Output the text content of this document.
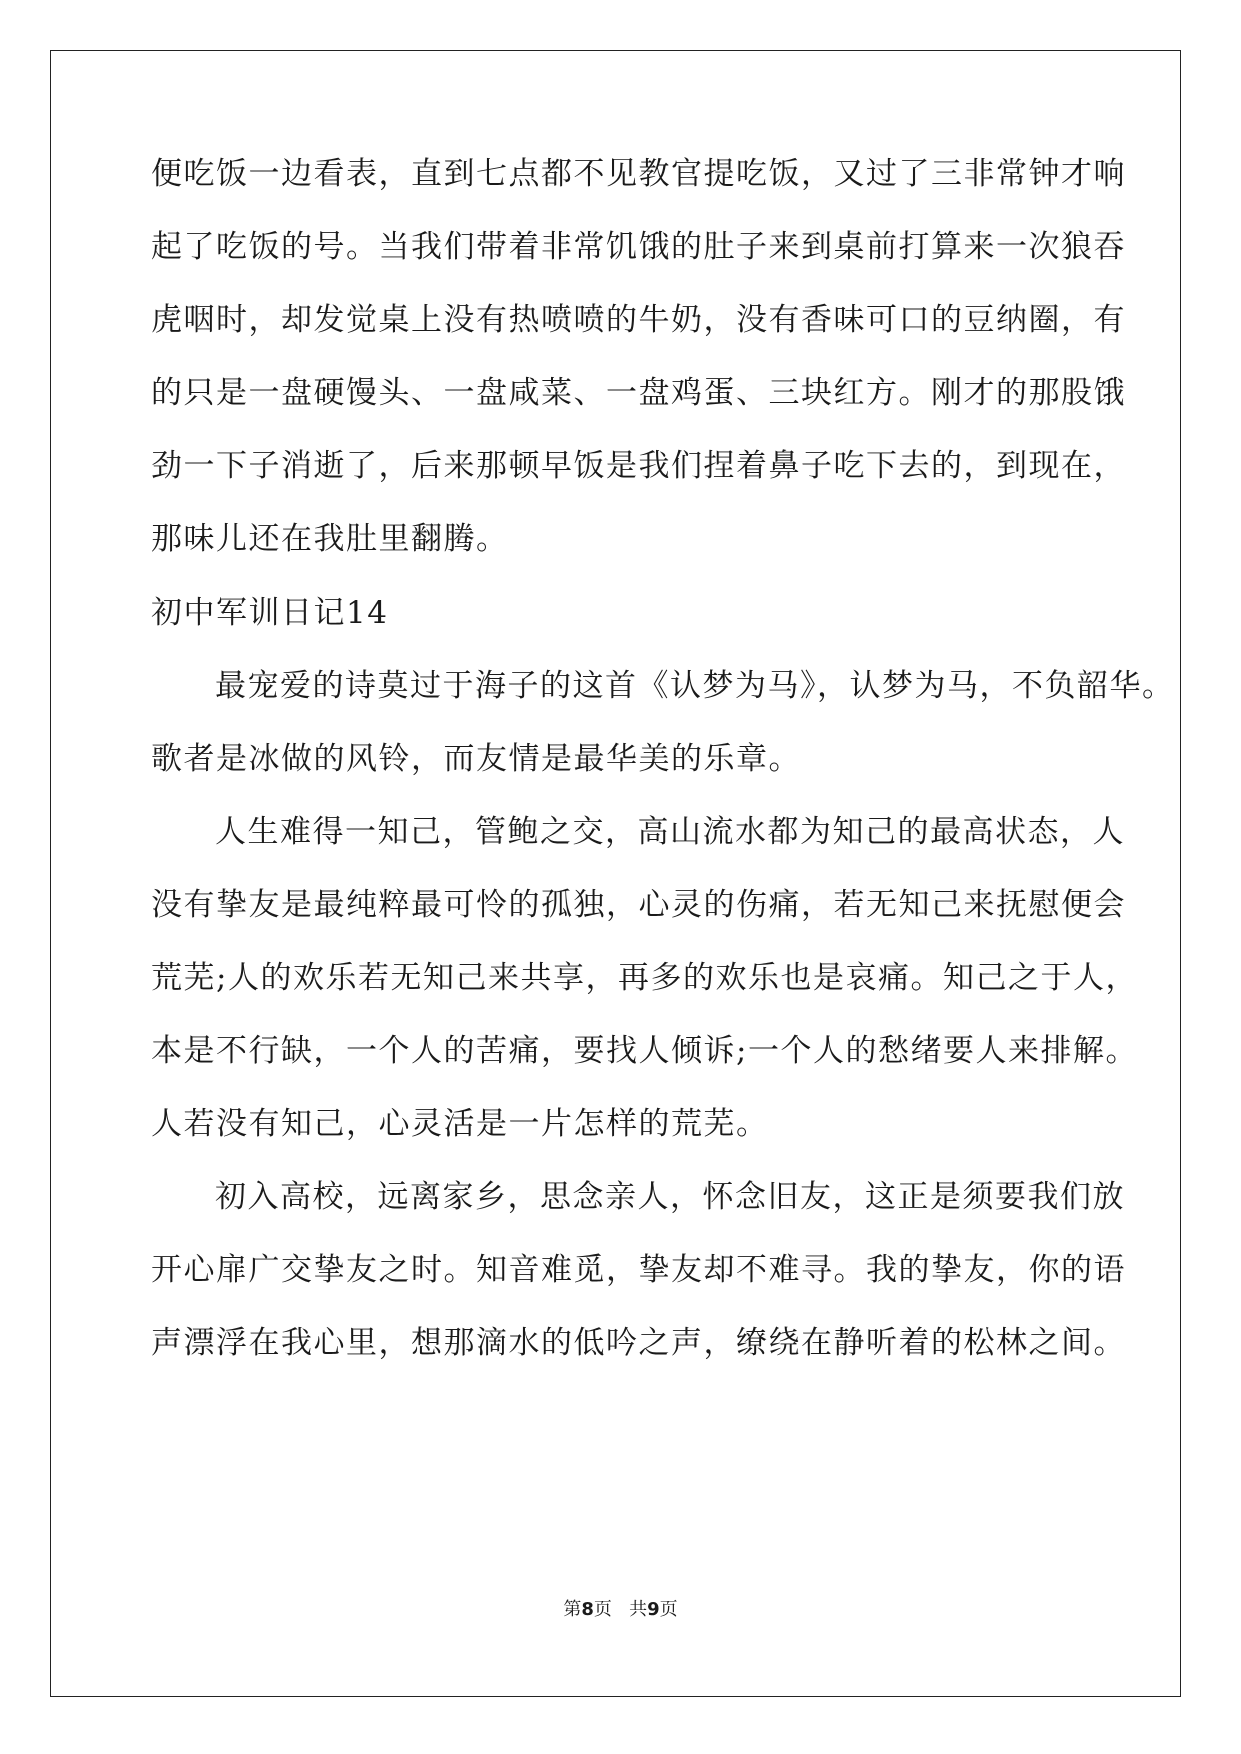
便吃饭一边看表，直到七点都不见教官提吃饭，又过了三非常钟才响
起了吃饭的号。当我们带着非常饥饿的肚子来到桌前打算来一次狼吞
虎咽时，却发觉桌上没有热喷喷的牛奶，没有香味可口的豆纳圈，有
的只是一盘硬馒头、一盘咸菜、一盘鸡蛋、三块红方。刚才的那股饿
劲一下子消逝了，后来那顿早饭是我们捏着鼻子吃下去的，到现在，
那味儿还在我肚里翻腾。
初中军训日记14
最宠爱的诗莫过于海子的这首《认梦为马》，认梦为马，不负韶华。
歌者是冰做的风铃，而友情是最华美的乐章。
人生难得一知己，管鲍之交，高山流水都为知己的最高状态，人
没有挚友是最纯粹最可怜的孤独，心灵的伤痛，若无知己来抚慰便会
荒芜;人的欢乐若无知己来共享，再多的欢乐也是哀痛。知己之于人，
本是不行缺，一个人的苦痛，要找人倾诉;一个人的愁绪要人来排解。
人若没有知己，心灵活是一片怎样的荒芜。
初入高校，远离家乡，思念亲人，怀念旧友，这正是须要我们放
开心扉广交挚友之时。知音难觅，挚友却不难寻。我的挚友，你的语
声漂浮在我心里，想那滴水的低吟之声，缭绕在静听着的松林之间。
第8页 共9页
